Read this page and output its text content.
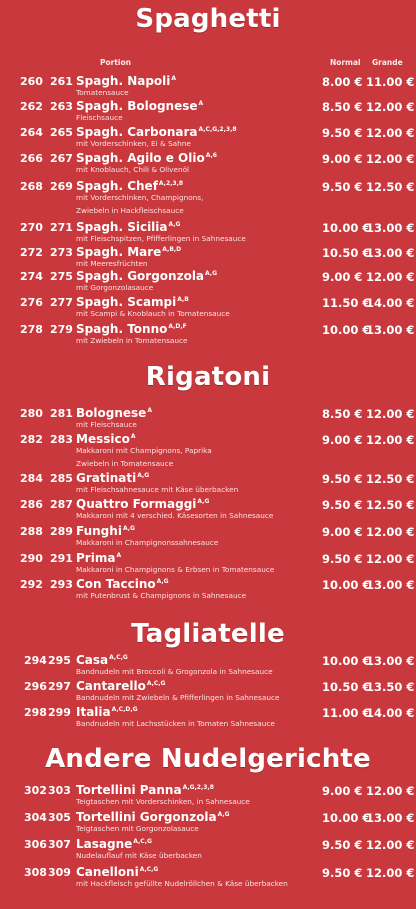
Spaghetti
Portion	Normal Grande
260 261 Spagh. Napoli$^A$
Tomatensauce
8.00 € 11.00 €
262 263 Spagh. Bolognese$^A$
Fleischsauce
8.50 € 12.00 €
264 265 Spagh. Carbonara$^{A,C,G,2,3,8}$
mit Vorderschinken, Ei & Sahne
9.50 € 12.00 €
266 267 Spagh. Agilo e Olio$^{A,6}$
mit Knoblauch, Chili & Olivenöl
9.00 € 12.00 €
268 269 Spagh. Chef$^{A,2,3,8}$
mit Vorderschinken, Champignons,
Zwiebeln in Hackfleischsauce
9.50 € 12.50 €
270 271 Spagh. Sicilia$^{A,G}$
mit Fleischspitzen, Pfifferlingen in Sahnesauce
10.00 €
13.00 €
272 273 Spagh. Mare$^{A,B,D}$
mit Meeresfrüchten
10.50 €
13.00 €
274 275 Spagh. Gorgonzola$^{A,G}$
mit Gorgonzolasauce
9.00 € 12.00 €
276 277 Spagh. Scampi$^{A,B}$
mit Scampi & Knoblauch in Tomatensauce
11.50 €
14.00 €
278 279 Spagh. Tonno$^{A,D,F}$
mit Zwiebeln in Tomatensauce
10.00 €
13.00 €
Rigatoni
280 281 Bolognese$^A$
mit Fleischsauce
8.50 € 12.00 €
282 283 Messico$^A$
Makkaroni mit Champignons, Paprika
Zwiebeln in Tomatensauce
9.00 € 12.00 €
284 285 Gratinati$^{A,G}$
mit Fleischsahnesauce mit Käse überbacken
9.50 € 12.50 €
286 287 Quattro Formaggi$^{A,G}$
Makkaroni mit 4 verschied. Käsesorten in Sahnesauce
9.50 € 12.50 €
288 289 Funghi$^{A,G}$
Makkaroni in Champignonssahnesauce
9.00 € 12.00 €
290 291 Prima$^A$
Makkaroni in Champignons & Erbsen in Tomatensauce
9.50 € 12.00 €
292 293 Con Taccino$^{A,G}$
mit Putenbrust & Champignons in Sahnesauce
10.00 €
13.00 €
Tagliatelle
294 295 Casa$^{A,C,G}$
Bandnudeln mit Broccoli & Grogonzola in Sahnesauce
10.00 €
13.00 €
296 297 Cantarello$^{A,C,G}$
Bandnudeln mit Zwiebeln & Pfifferlingen in Sahnesauce
10.50 €
13.50 €
298 299 Italia$^{A,C,D,G}$
Bandnudeln mit Lachsstücken in Tomaten Sahnesauce
11.00 €
14.00 €
Andere Nudelgerichte
302 303 Tortellini Panna$^{A,G,2,3,8}$
Teigtaschen mit Vorderschinken, in Sahnesauce
9.00 € 12.00 €
304 305 Tortellini Gorgonzola$^{A,G}$
Teigtaschen mit Gorgonzolasauce
10.00 €
13.00 €
306 307 Lasagne$^{A,C,G}$
Nudelauflauf mit Käse überbacken
9.50 € 12.00 €
308 309 Canelloni$^{A,C,G}$
mit Hackfleisch gefüllte Nudelröllchen & Käse überbacken
9.50 € 12.00 €
